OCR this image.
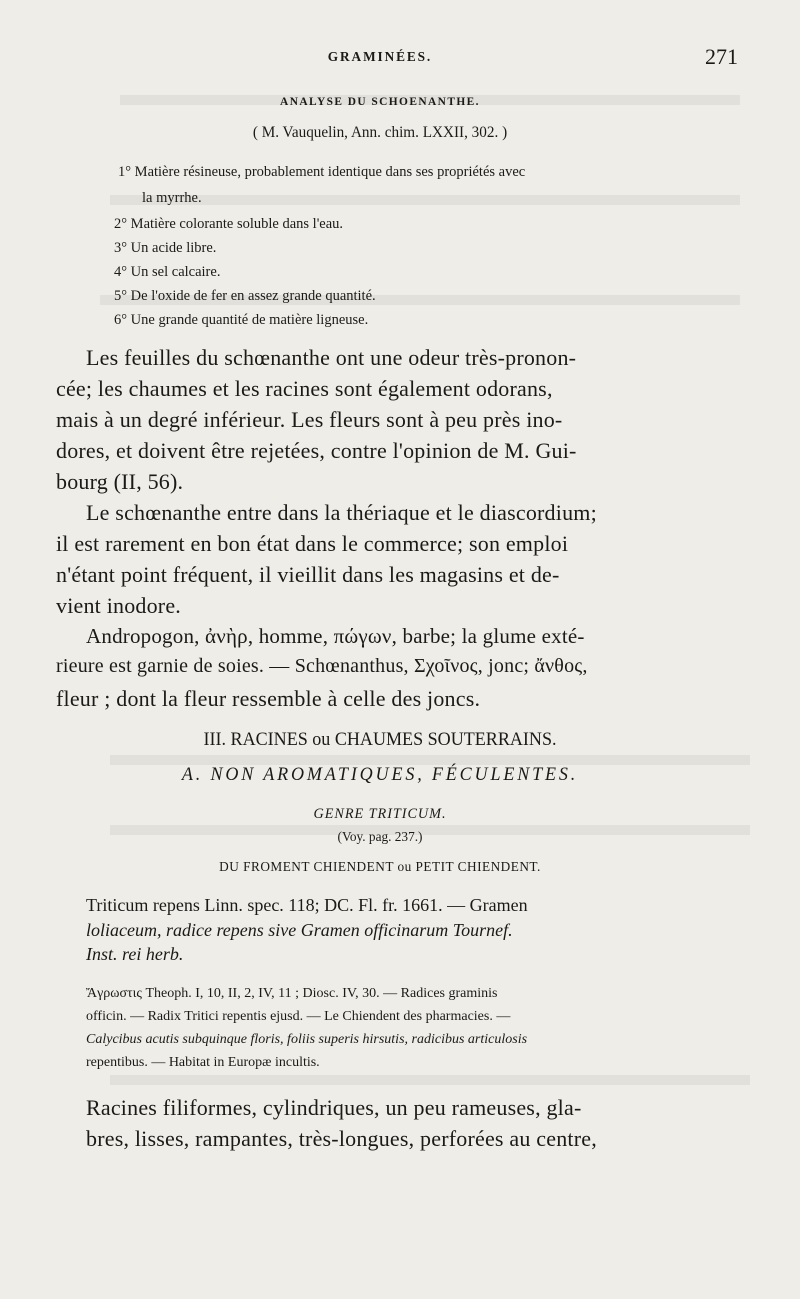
GRAMINÉES.	271
ANALYSE DU SCHOENANTHE.
( M. Vauquelin, Ann. chim. LXXII, 302. )
1° Matière résineuse, probablement identique dans ses propriétés avec
la myrrhe.
2° Matière colorante soluble dans l'eau.
3° Un acide libre.
4° Un sel calcaire.
5° De l'oxide de fer en assez grande quantité.
6° Une grande quantité de matière ligneuse.
Les feuilles du schœnanthe ont une odeur très-pronon-
cée; les chaumes et les racines sont également odorans,
mais à un degré inférieur. Les fleurs sont à peu près ino-
dores, et doivent être rejetées, contre l'opinion de M. Gui-
bourg (II, 56).
Le schœnanthe entre dans la thériaque et le diascordium;
il est rarement en bon état dans le commerce; son emploi
n'étant point fréquent, il vieillit dans les magasins et de-
vient inodore.
Andropogon, ἀνὴρ, homme, πώγων, barbe; la glume exté-
rieure est garnie de soies. — Schœnanthus, Σχοῖνος, jonc; ἄνθος,
fleur ; dont la fleur ressemble à celle des joncs.
III. RACINES ou CHAUMES SOUTERRAINS.
A. NON AROMATIQUES, FÉCULENTES.
GENRE TRITICUM.
(Voy. pag. 237.)
DU FROMENT CHIENDENT ou PETIT CHIENDENT.
Triticum repens Linn. spec. 118; DC. Fl. fr. 1661. — Gramen
loliaceum, radice repens sive Gramen officinarum Tournef.
Inst. rei herb.
Ἄγρωστις Theoph. I, 10, II, 2, IV, 11 ; Diosc. IV, 30. — Radices graminis
officin. — Radix Tritici repentis ejusd. — Le Chiendent des pharmacies. —
Calycibus acutis subquinque floris, foliis superis hirsutis, radicibus articulosis
repentibus. — Habitat in Europæ incultis.
Racines filiformes, cylindriques, un peu rameuses, gla-
bres, lisses, rampantes, très-longues, perforées au centre,
